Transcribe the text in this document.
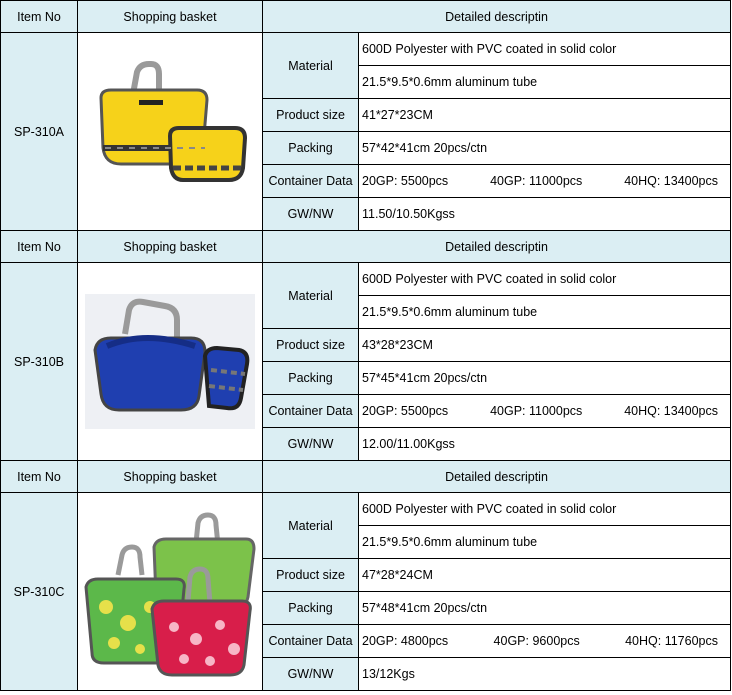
Item No	Shopping basket	Detailed descriptin	
SP-310A		Material	600D Polyester with PVC coated in solid color
			21.5*9.5*0.6mm aluminum tube
		Product size	41*27*23CM
		Packing	57*42*41cm 20pcs/ctn
		Container Data	20GP: 5500pcs 40GP: 11000pcs 40HQ: 13400pcs

		GW/NW	11.50/10.50Kgss
Item No	Shopping basket	Detailed descriptin	
SP-310B		Material	600D Polyester with PVC coated in solid color
			21.5*9.5*0.6mm aluminum tube
		Product size	43*28*23CM
		Packing	57*45*41cm 20pcs/ctn
		Container Data	20GP: 5500pcs 40GP: 11000pcs 40HQ: 13400pcs

		GW/NW	12.00/11.00Kgss
Item No	Shopping basket	Detailed descriptin	
SP-310C		Material	600D Polyester with PVC coated in solid color
			21.5*9.5*0.6mm aluminum tube
		Product size	47*28*24CM
		Packing	57*48*41cm 20pcs/ctn
		Container Data	20GP: 4800pcs 40GP: 9600pcs 40HQ: 11760pcs

		GW/NW	13/12Kgs
